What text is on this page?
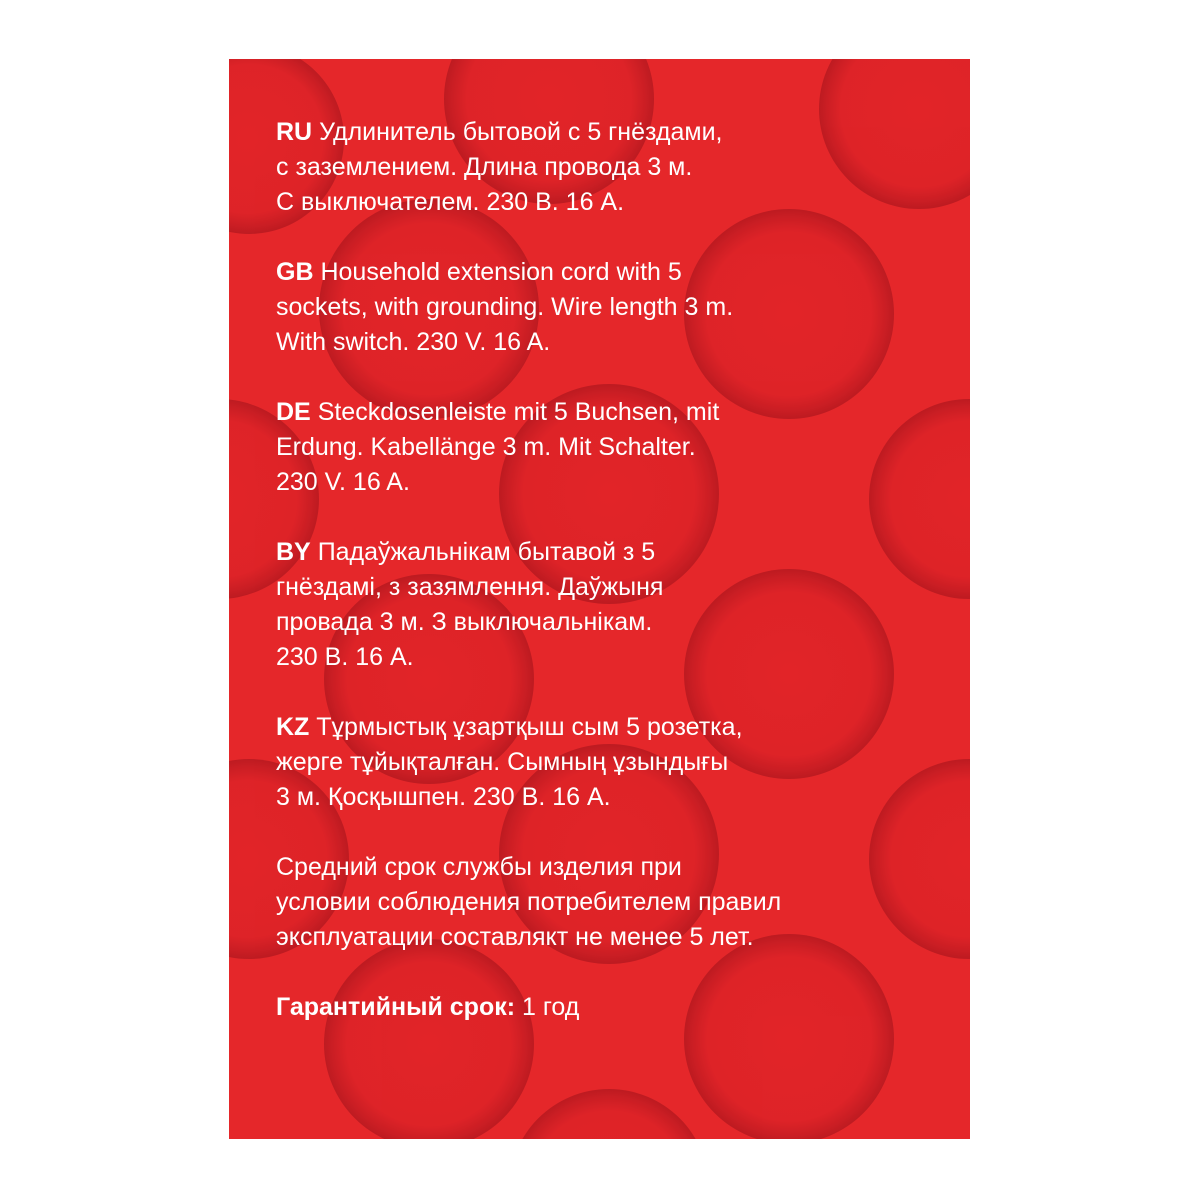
RU Удлинитель бытовой с 5 гнёздами,

с заземлением. Длина провода 3 м.

С выключателем. 230 В. 16 А.

GB Household extension cord with 5

sockets, with grounding. Wire length 3 m.

With switch. 230 V. 16 A.

DE Steckdosenleiste mit 5 Buchsen, mit

Erdung. Kabellänge 3 m. Mit Schalter.

230 V. 16 A.

BY Падаўжальнікам бытавой з 5

гнёздамі, з зазямлення. Даўжыня

провада 3 м. З выключальнікам.

230 В. 16 А.

KZ Тұрмыстық ұзартқыш сым 5 розетка,

жерге тұйықталған. Сымның ұзындығы

3 м. Қосқышпен. 230 В. 16 А.

Средний срок службы изделия при

условии соблюдения потребителем правил

эксплуатации составлякт не менее 5 лет.

Гарантийный срок: 1 год
